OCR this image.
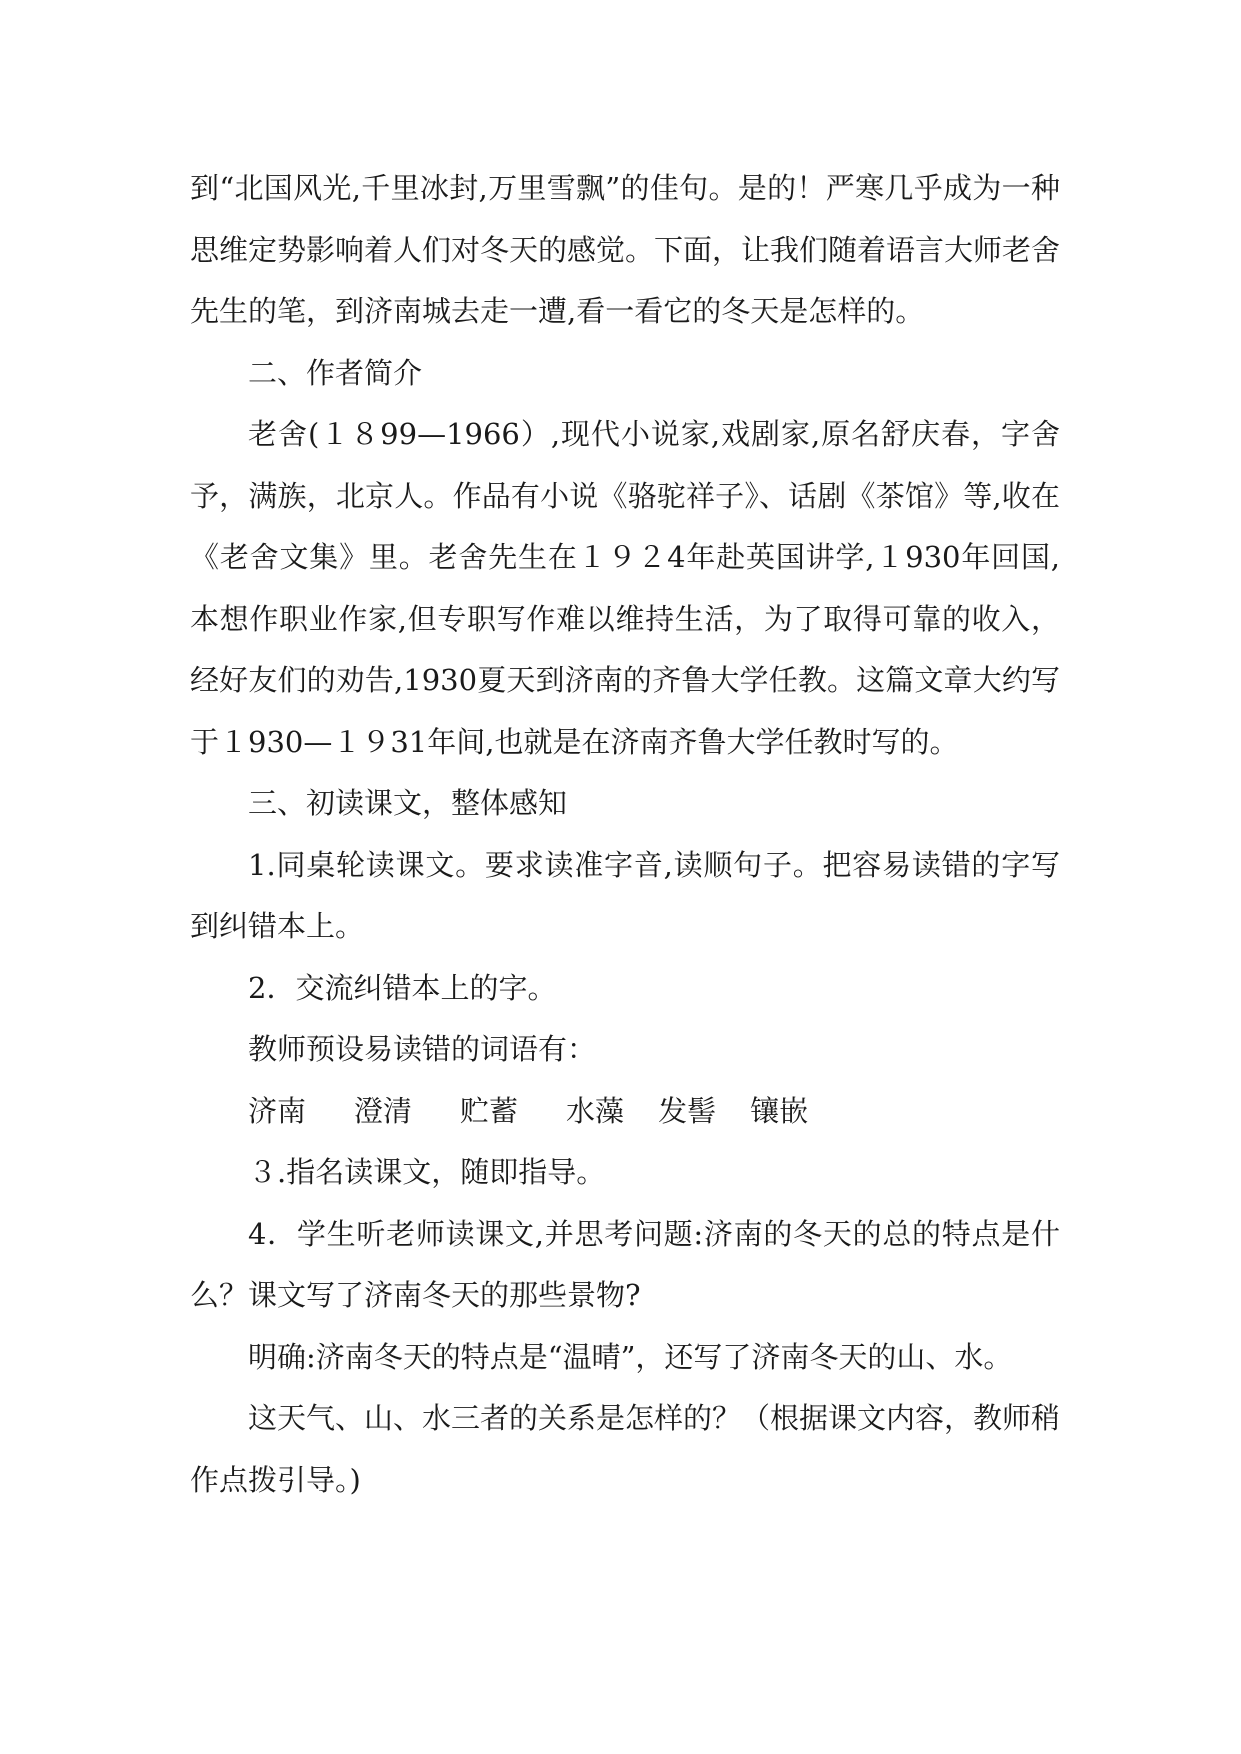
到“北国风光,千里冰封,万里雪飘”的佳句。是的！严寒几乎成为一种思维定势影响着人们对冬天的感觉。下面，让我们随着语言大师老舍先生的笔，到济南城去走一遭,看一看它的冬天是怎样的。

二、作者简介

老舍(１８99—1966）,现代小说家,戏剧家,原名舒庆春，字舍予，满族，北京人。作品有小说《骆驼祥子》、话剧《茶馆》等,收在《老舍文集》里。老舍先生在１９２4年赴英国讲学,１930年回国,本想作职业作家,但专职写作难以维持生活，为了取得可靠的收入，经好友们的劝告,1930夏天到济南的齐鲁大学任教。这篇文章大约写于１930—１９31年间,也就是在济南齐鲁大学任教时写的。

三、初读课文，整体感知

1.同桌轮读课文。要求读准字音,读顺句子。把容易读错的字写到纠错本上。

2．交流纠错本上的字。

教师预设易读错的词语有：

济南 澄清 贮蓄 水藻 发髻 镶嵌

３.指名读课文，随即指导。

4．学生听老师读课文,并思考问题:济南的冬天的总的特点是什么？课文写了济南冬天的那些景物?

明确:济南冬天的特点是“温晴”，还写了济南冬天的山、水。

这天气、山、水三者的关系是怎样的？（根据课文内容，教师稍作点拨引导。)
